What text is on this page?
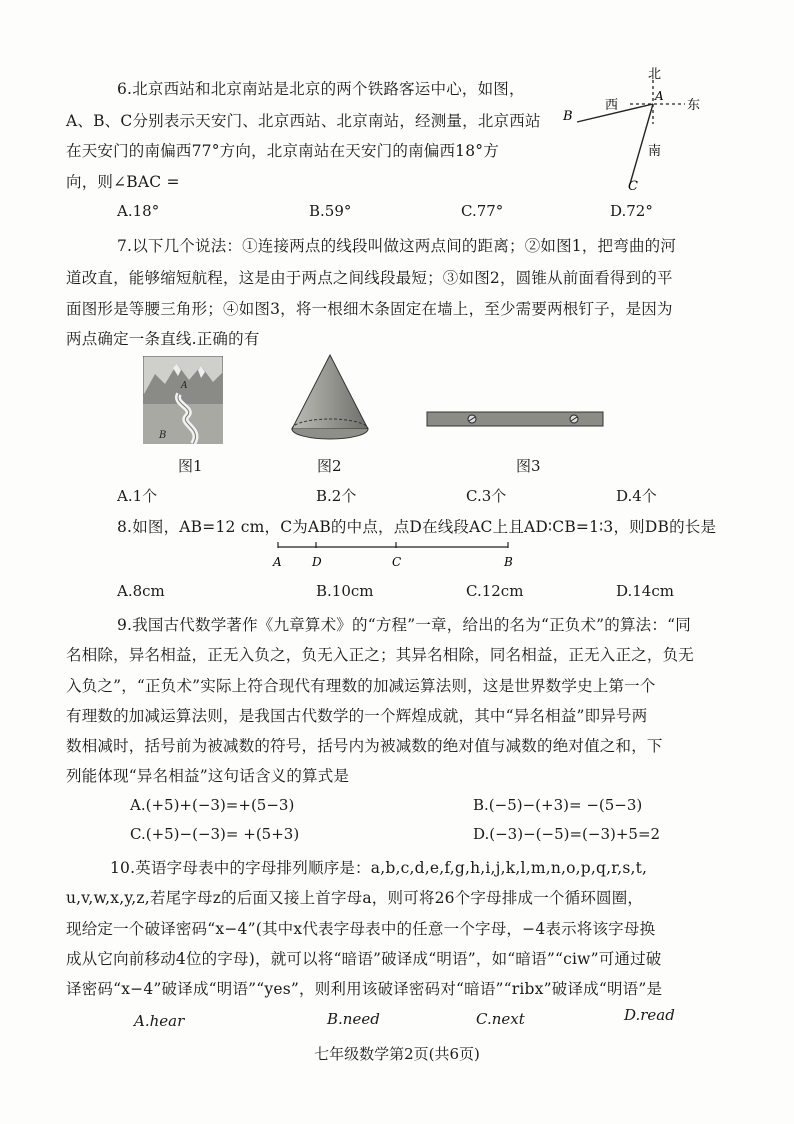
6.北京西站和北京南站是北京的两个铁路客运中心，如图，
A、B、C分别表示天安门、北京西站、北京南站，经测量，北京西站
在天安门的南偏西77°方向，北京南站在天安门的南偏西18°方
向，则∠BAC =
北
西	东
南
A
B
C
A.18°	B.59°	C.77°	D.72°
7.以下几个说法：①连接两点的线段叫做这两点间的距离；②如图1，把弯曲的河
道改直，能够缩短航程，这是由于两点之间线段最短；③如图2，圆锥从前面看得到的平
面图形是等腰三角形；④如图3，将一根细木条固定在墙上，至少需要两根钉子，是因为
两点确定一条直线.正确的有
A
B
图1	图2	图3
A.1个	B.2个	C.3个	D.4个
8.如图，AB=12 cm，C为AB的中点，点D在线段AC上且AD∶CB=1∶3，则DB的长是
A	D	C	B
A.8cm	B.10cm	C.12cm	D.14cm
9.我国古代数学著作《九章算术》的“方程”一章，给出的名为“正负术”的算法：“同
名相除，异名相益，正无入负之，负无入正之；其异名相除，同名相益，正无入正之，负无
入负之”，“正负术”实际上符合现代有理数的加减运算法则，这是世界数学史上第一个
有理数的加减运算法则，是我国古代数学的一个辉煌成就，其中“异名相益”即异号两
数相减时，括号前为被减数的符号，括号内为被减数的绝对值与减数的绝对值之和，下
列能体现“异名相益”这句话含义的算式是
A.(+5)+(−3)=+(5−3)	B.(−5)−(+3)= −(5−3)
C.(+5)−(−3)= +(5+3)	D.(−3)−(−5)=(−3)+5=2
10.英语字母表中的字母排列顺序是：a,b,c,d,e,f,g,h,i,j,k,l,m,n,o,p,q,r,s,t,
u,v,w,x,y,z,若尾字母z的后面又接上首字母a，则可将26个字母排成一个循环圆圈，
现给定一个破译密码“x−4”(其中x代表字母表中的任意一个字母，−4表示将该字母换
成从它向前移动4位的字母)，就可以将“暗语”破译成“明语”，如“暗语”“ciw”可通过破
译密码“x−4”破译成“明语”“yes”，则利用该破译密码对“暗语”“ribx”破译成“明语”是
A.hear	B.need	C.next	D.read
七年级数学第2页(共6页)
